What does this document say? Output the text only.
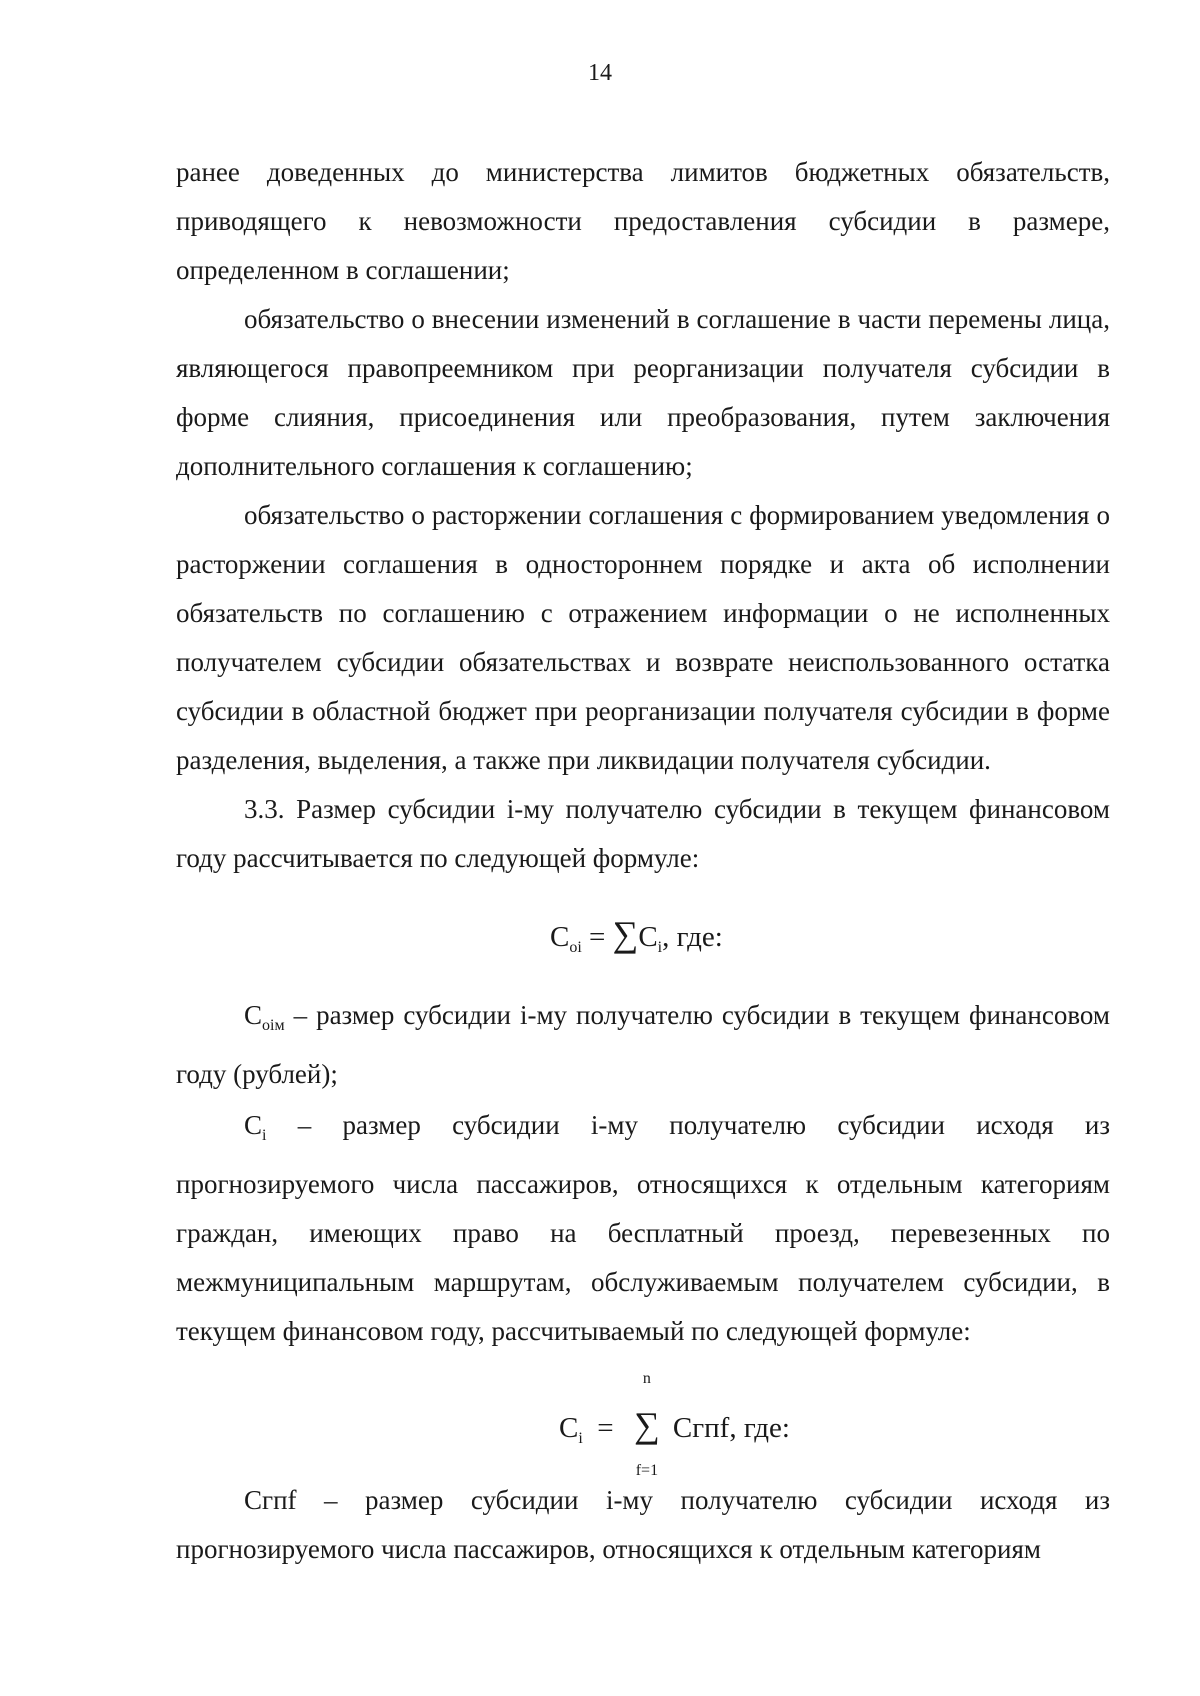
14

ранее доведенных до министерства лимитов бюджетных обязательств, приводящего к невозможности предоставления субсидии в размере, определенном в соглашении;

обязательство о внесении изменений в соглашение в части перемены лица, являющегося правопреемником при реорганизации получателя субсидии в форме слияния, присоединения или преобразования, путем заключения дополнительного соглашения к соглашению;

обязательство о расторжении соглашения с формированием уведомления о расторжении соглашения в одностороннем порядке и акта об исполнении обязательств по соглашению с отражением информации о не исполненных получателем субсидии обязательствах и возврате неиспользованного остатка субсидии в областной бюджет при реорганизации получателя субсидии в форме разделения, выделения, а также при ликвидации получателя субсидии.

3.3. Размер субсидии i-му получателю субсидии в текущем финансовом году рассчитывается по следующей формуле:

$C_{oi} = \sum C_i$, где:

$C_{oiм}$ – размер субсидии i-му получателю субсидии в текущем финансовом году (рублей);

$C_i$ – размер субсидии i-му получателю субсидии исходя из прогнозируемого числа пассажиров, относящихся к отдельным категориям граждан, имеющих право на бесплатный проезд, перевезенных по межмуниципальным маршрутам, обслуживаемым получателем субсидии, в текущем финансовом году, рассчитываемый по следующей формуле:

$C_i$ =
n
∑
f=1
Сгпf, где:

Сгпf – размер субсидии i-му получателю субсидии исходя из прогнозируемого числа пассажиров, относящихся к отдельным категориям
